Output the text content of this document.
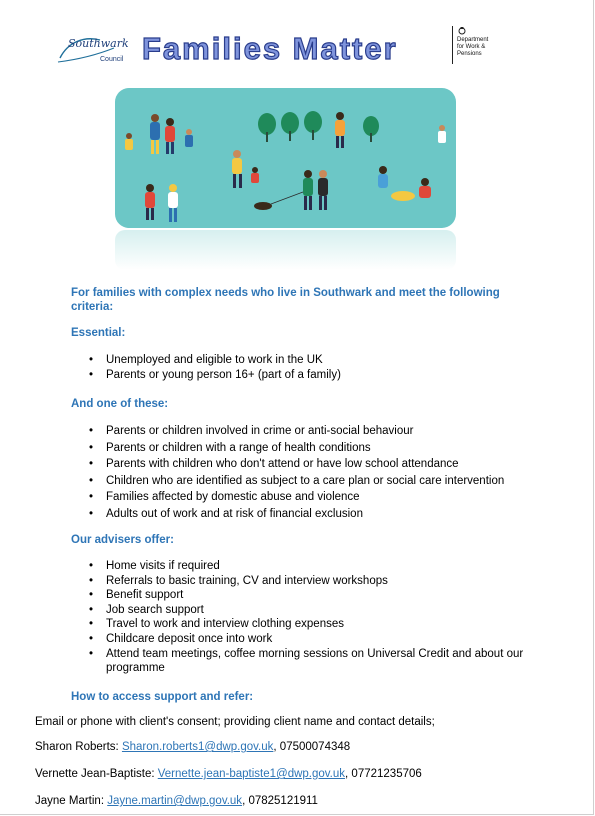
Southwark
Council Families Matter	Department
for Work &
Pensions
For families with complex needs who live in Southwark and meet the following criteria:
Essential:
• Unemployed and eligible to work in the UK
• Parents or young person 16+ (part of a family)
And one of these:
• Parents or children involved in crime or anti-social behaviour
• Parents or children with a range of health conditions
• Parents with children who don't attend or have low school attendance
• Children who are identified as subject to a care plan or social care intervention
• Families affected by domestic abuse and violence
• Adults out of work and at risk of financial exclusion
Our advisers offer:
• Home visits if required
• Referrals to basic training, CV and interview workshops
• Benefit support
• Job search support
• Travel to work and interview clothing expenses
• Childcare deposit once into work
• Attend team meetings, coffee morning sessions on Universal Credit and about our programme
How to access support and refer:
Email or phone with client's consent; providing client name and contact details;
Sharon Roberts: Sharon.roberts1@dwp.gov.uk, 07500074348
Vernette Jean-Baptiste: Vernette.jean-baptiste1@dwp.gov.uk, 07721235706
Jayne Martin: Jayne.martin@dwp.gov.uk, 07825121911
